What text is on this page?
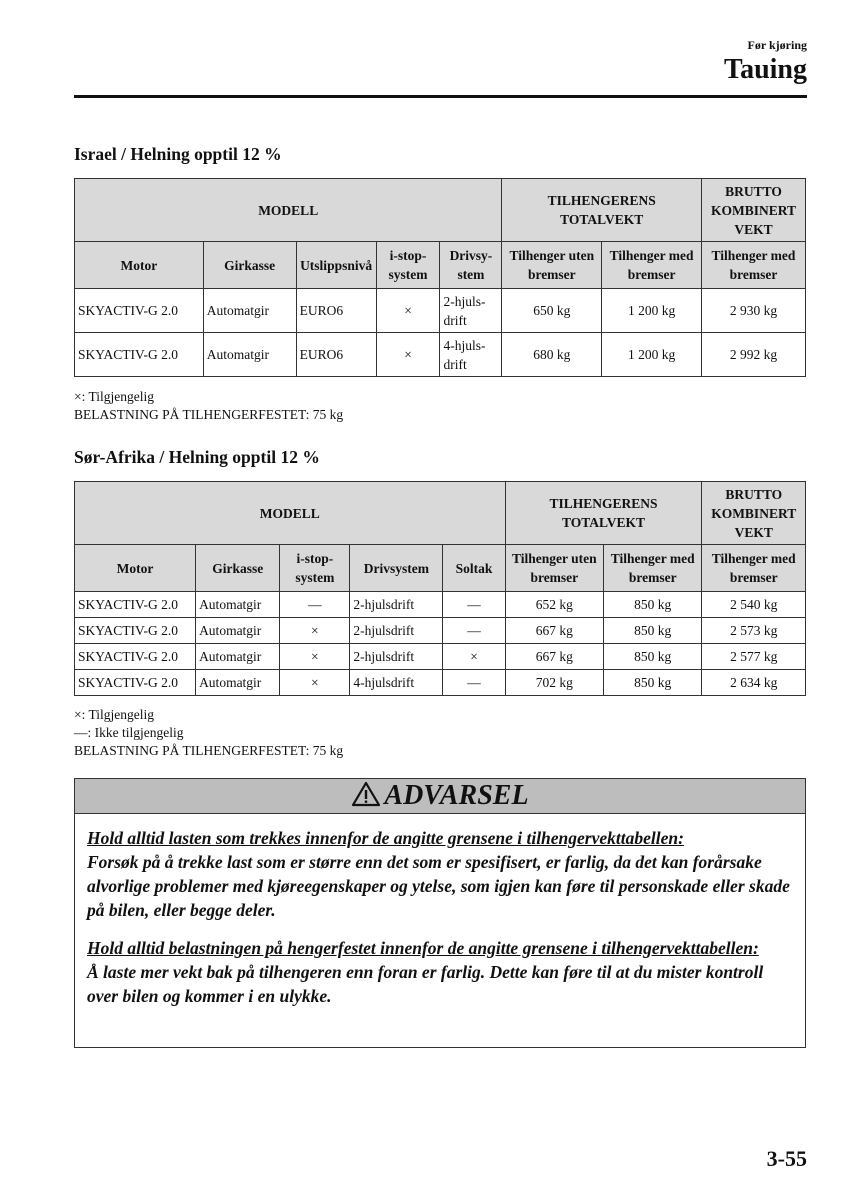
Før kjøring
Tauing
Israel / Helning opptil 12 %
MODELL					TILHENGERENS TOTALVEKT		BRUTTO KOMBINERT VEKT
Motor	Girkasse	Utslippsnivå	i-stop-system	Drivsy-stem	Tilhenger uten bremser	Tilhenger med bremser	Tilhenger med bremser
SKYACTIV-G 2.0	Automatgir	EURO6	×	2-hjuls-drift	650 kg	1 200 kg	2 930 kg
SKYACTIV-G 2.0	Automatgir	EURO6	×	4-hjuls-drift	680 kg	1 200 kg	2 992 kg
×: Tilgjengelig
BELASTNING PÅ TILHENGERFESTET: 75 kg
Sør-Afrika / Helning opptil 12 %
MODELL					TILHENGERENS TOTALVEKT		BRUTTO KOMBINERT VEKT
Motor	Girkasse	i-stop-system	Drivsystem	Soltak	Tilhenger uten bremser	Tilhenger med bremser	Tilhenger med bremser
SKYACTIV-G 2.0	Automatgir	—	2-hjulsdrift	—	652 kg	850 kg	2 540 kg
SKYACTIV-G 2.0	Automatgir	×	2-hjulsdrift	—	667 kg	850 kg	2 573 kg
SKYACTIV-G 2.0	Automatgir	×	2-hjulsdrift	×	667 kg	850 kg	2 577 kg
SKYACTIV-G 2.0	Automatgir	×	4-hjulsdrift	—	702 kg	850 kg	2 634 kg
×: Tilgjengelig
—: Ikke tilgjengelig
BELASTNING PÅ TILHENGERFESTET: 75 kg
ADVARSEL
Hold alltid lasten som trekkes innenfor de angitte grensene i tilhengervekttabellen:
Forsøk på å trekke last som er større enn det som er spesifisert, er farlig, da det kan forårsake alvorlige problemer med kjøreegenskaper og ytelse, som igjen kan føre til personskade eller skade på bilen, eller begge deler.
Hold alltid belastningen på hengerfestet innenfor de angitte grensene i tilhengervekttabellen:
Å laste mer vekt bak på tilhengeren enn foran er farlig. Dette kan føre til at du mister kontroll over bilen og kommer i en ulykke.
3-55
